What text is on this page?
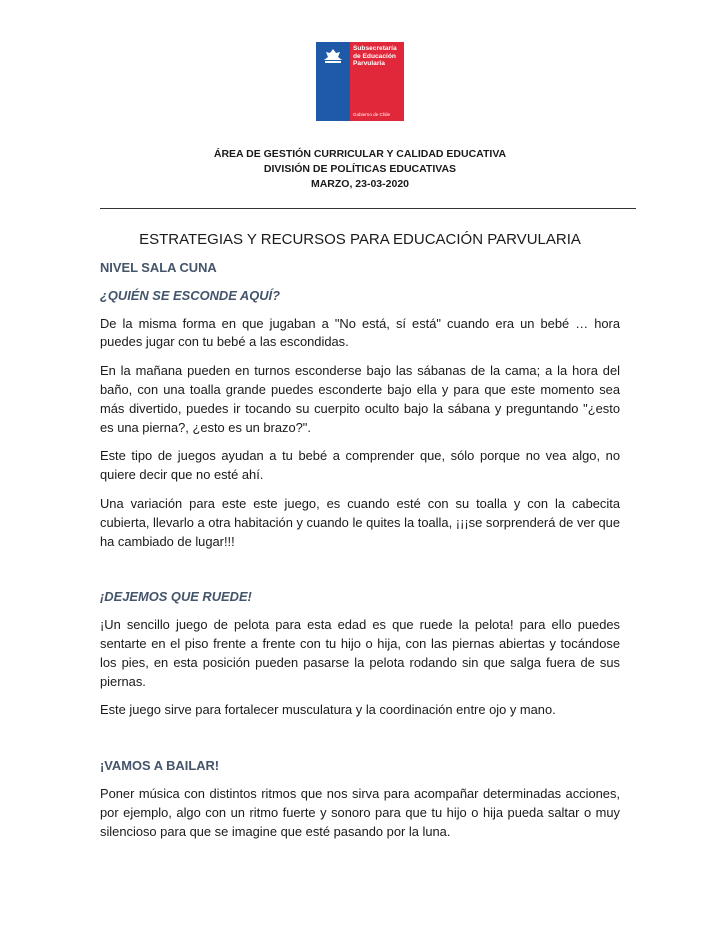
Subsecretaría
de Educación
Parvularia
Gobierno de Chile
ÁREA DE GESTIÓN CURRICULAR Y CALIDAD EDUCATIVA
DIVISIÓN DE POLÍTICAS EDUCATIVAS
MARZO, 23-03-2020
ESTRATEGIAS Y RECURSOS PARA EDUCACIÓN PARVULARIA
NIVEL SALA CUNA
¿QUIÉN SE ESCONDE AQUÍ?

De la misma forma en que jugaban a "No está, sí está" cuando era un bebé … hora puedes jugar con tu bebé a las escondidas.

En la mañana pueden en turnos esconderse bajo las sábanas de la cama; a la hora del baño, con una toalla grande puedes esconderte bajo ella y para que este momento sea más divertido, puedes ir tocando su cuerpito oculto bajo la sábana y preguntando "¿esto es una pierna?, ¿esto es un brazo?".

Este tipo de juegos ayudan a tu bebé a comprender que, sólo porque no vea algo, no quiere decir que no esté ahí.

Una variación para este este juego, es cuando esté con su toalla y con la cabecita cubierta, llevarlo a otra habitación y cuando le quites la toalla, ¡¡¡se sorprenderá de ver que ha cambiado de lugar!!!

¡DEJEMOS QUE RUEDE!

¡Un sencillo juego de pelota para esta edad es que ruede la pelota! para ello puedes sentarte en el piso frente a frente con tu hijo o hija, con las piernas abiertas y tocándose los pies, en esta posición pueden pasarse la pelota rodando sin que salga fuera de sus piernas.

Este juego sirve para fortalecer musculatura y la coordinación entre ojo y mano.

¡VAMOS A BAILAR!

Poner música con distintos ritmos que nos sirva para acompañar determinadas acciones, por ejemplo, algo con un ritmo fuerte y sonoro para que tu hijo o hija pueda saltar o muy silencioso para que se imagine que esté pasando por la luna.
